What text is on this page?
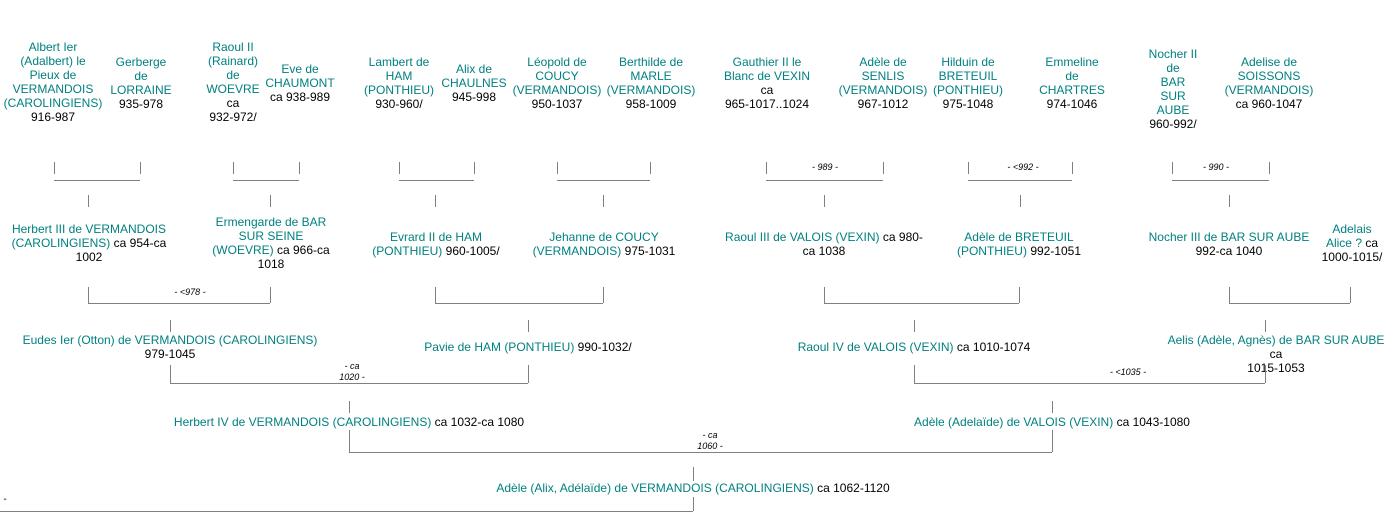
Albert Ier
(Adalbert) le
Pieux de
VERMANDOIS
(CAROLINGIENS)
916-987
Gerberge
de
LORRAINE
935-978
Raoul II
(Rainard)
de
WOEVRE
ca
932-972/
Eve de
CHAUMONT
ca 938-989
Lambert de
HAM
(PONTHIEU)
930-960/
Alix de
CHAULNES
945-998
Léopold de
COUCY
(VERMANDOIS)
950-1037
Berthilde de
MARLE
(VERMANDOIS)
958-1009
Gauthier II le
Blanc de VEXIN
ca
965-1017..1024
Adèle de
SENLIS
(VERMANDOIS)
967-1012
Hilduin de
BRETEUIL
(PONTHIEU)
975-1048
Emmeline
de
CHARTRES
974-1046
Nocher II
de
BAR
SUR
AUBE
960-992/
Adelise de
SOISSONS
(VERMANDOIS)
ca 960-1047
- 989 -	- <992 -	- 990 -
Herbert III de VERMANDOIS
(CAROLINGIENS) ca 954-ca
1002
Ermengarde de BAR
SUR SEINE
(WOEVRE) ca 966-ca
1018
Evrard II de HAM
(PONTHIEU) 960-1005/
Jehanne de COUCY
(VERMANDOIS) 975-1031
Raoul III de VALOIS (VEXIN) ca 980-
ca 1038
Adèle de BRETEUIL
(PONTHIEU) 992-1051
Nocher III de BAR SUR AUBE
992-ca 1040
Adelais
Alice ? ca
1000-1015/
- <978 -
Eudes Ier (Otton) de VERMANDOIS (CAROLINGIENS)
979-1045	Pavie de HAM (PONTHIEU) 990-1032/	Raoul IV de VALOIS (VEXIN) ca 1010-1074	Aelis (Adèle, Agnès) de BAR SUR AUBE ca
1015-1053
- ca
1020 -	- <1035 -
Herbert IV de VERMANDOIS (CAROLINGIENS) ca 1032-ca 1080	Adèle (Adelaïde) de VALOIS (VEXIN) ca 1043-1080
- ca
1060 -
Adèle (Alix, Adélaïde) de VERMANDOIS (CAROLINGIENS) ca 1062-1120
-
